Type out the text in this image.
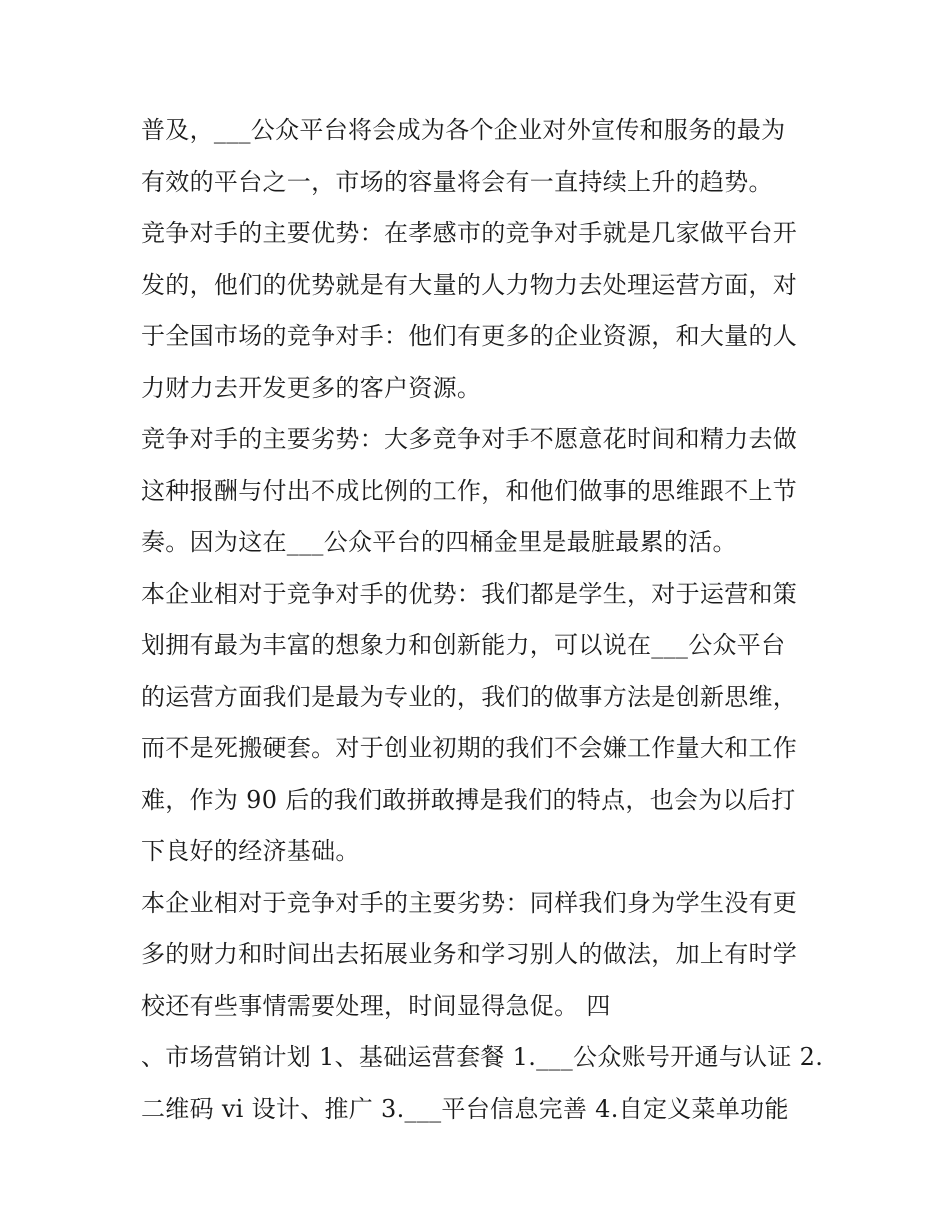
普及，___公众平台将会成为各个企业对外宣传和服务的最为
有效的平台之一，市场的容量将会有一直持续上升的趋势。
竞争对手的主要优势：在孝感市的竞争对手就是几家做平台开
发的，他们的优势就是有大量的人力物力去处理运营方面，对
于全国市场的竞争对手：他们有更多的企业资源，和大量的人
力财力去开发更多的客户资源。
竞争对手的主要劣势：大多竞争对手不愿意花时间和精力去做
这种报酬与付出不成比例的工作，和他们做事的思维跟不上节
奏。因为这在___公众平台的四桶金里是最脏最累的活。
本企业相对于竞争对手的优势：我们都是学生，对于运营和策
划拥有最为丰富的想象力和创新能力，可以说在___公众平台
的运营方面我们是最为专业的，我们的做事方法是创新思维，
而不是死搬硬套。对于创业初期的我们不会嫌工作量大和工作
难，作为 90 后的我们敢拼敢搏是我们的特点，也会为以后打
下良好的经济基础。
本企业相对于竞争对手的主要劣势：同样我们身为学生没有更
多的财力和时间出去拓展业务和学习别人的做法，加上有时学
校还有些事情需要处理，时间显得急促。 四
、市场营销计划 1、基础运营套餐 1.___公众账号开通与认证 2.
二维码 vi 设计、推广 3.___平台信息完善 4.自定义菜单功能
